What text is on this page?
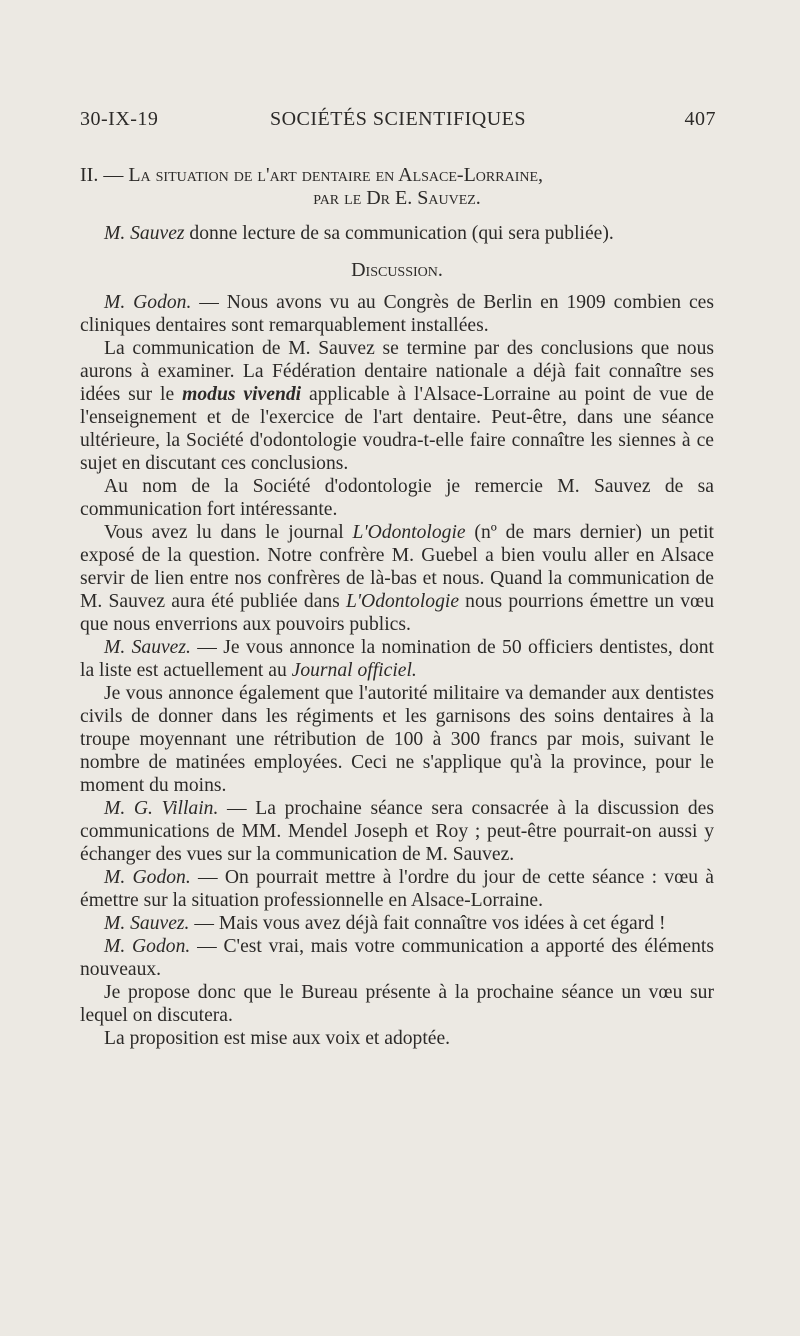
30-IX-19	SOCIÉTÉS SCIENTIFIQUES	407

II. — La situation de l'art dentaire en Alsace-Lorraine,

par le Dr E. Sauvez.

M. Sauvez donne lecture de sa communication (qui sera publiée).

Discussion.

M. Godon. — Nous avons vu au Congrès de Berlin en 1909 combien ces cliniques dentaires sont remarquablement installées.

La communication de M. Sauvez se termine par des conclusions que nous aurons à examiner. La Fédération dentaire nationale a déjà fait connaître ses idées sur le modus vivendi applicable à l'Alsace-Lorraine au point de vue de l'enseignement et de l'exercice de l'art dentaire. Peut-être, dans une séance ultérieure, la Société d'odontologie voudra-t-elle faire connaître les siennes à ce sujet en discutant ces conclusions.

Au nom de la Société d'odontologie je remercie M. Sauvez de sa communication fort intéressante.

Vous avez lu dans le journal L'Odontologie (nº de mars dernier) un petit exposé de la question. Notre confrère M. Guebel a bien voulu aller en Alsace servir de lien entre nos confrères de là-bas et nous. Quand la communication de M. Sauvez aura été publiée dans L'Odontologie nous pourrions émettre un vœu que nous enverrions aux pouvoirs publics.

M. Sauvez. — Je vous annonce la nomination de 50 officiers dentistes, dont la liste est actuellement au Journal officiel.

Je vous annonce également que l'autorité militaire va demander aux dentistes civils de donner dans les régiments et les garnisons des soins dentaires à la troupe moyennant une rétribution de 100 à 300 francs par mois, suivant le nombre de matinées employées. Ceci ne s'applique qu'à la province, pour le moment du moins.

M. G. Villain. — La prochaine séance sera consacrée à la discussion des communications de MM. Mendel Joseph et Roy ; peut-être pourrait-on aussi y échanger des vues sur la communication de M. Sauvez.

M. Godon. — On pourrait mettre à l'ordre du jour de cette séance : vœu à émettre sur la situation professionnelle en Alsace-Lorraine.

M. Sauvez. — Mais vous avez déjà fait connaître vos idées à cet égard !

M. Godon. — C'est vrai, mais votre communication a apporté des éléments nouveaux.

Je propose donc que le Bureau présente à la prochaine séance un vœu sur lequel on discutera.

La proposition est mise aux voix et adoptée.
